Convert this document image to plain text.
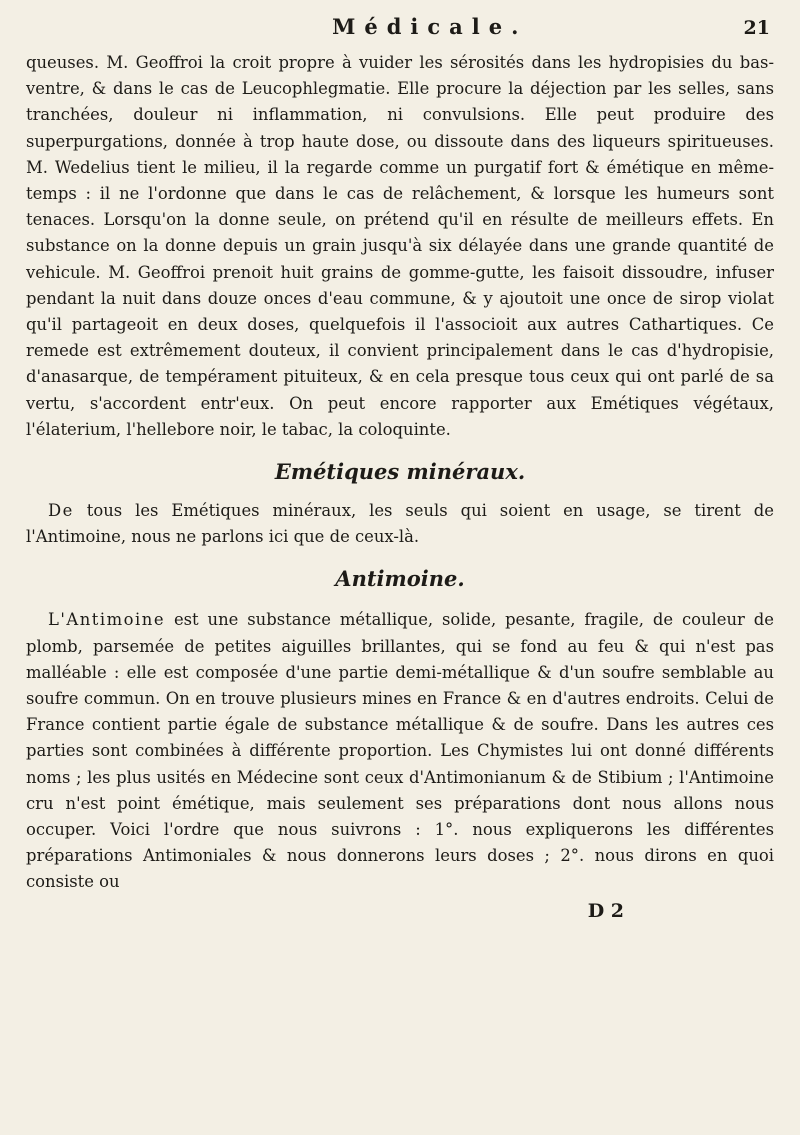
Médicale.	21

queuses. M. Geoffroi la croit propre à vuider les sérosités dans les hydropisies du bas-ventre, & dans le cas de Leucophlegmatie. Elle procure la déjection par les selles, sans tranchées, douleur ni inflammation, ni convulsions. Elle peut produire des superpurgations, donnée à trop haute dose, ou dissoute dans des liqueurs spiritueuses. M. Wedelius tient le milieu, il la regarde comme un purgatif fort & émétique en même-temps : il ne l'ordonne que dans le cas de relâchement, & lorsque les humeurs sont tenaces. Lorsqu'on la donne seule, on prétend qu'il en résulte de meilleurs effets. En substance on la donne depuis un grain jusqu'à six délayée dans une grande quantité de vehicule. M. Geoffroi prenoit huit grains de gomme-gutte, les faisoit dissoudre, infuser pendant la nuit dans douze onces d'eau commune, & y ajoutoit une once de sirop violat qu'il partageoit en deux doses, quelquefois il l'associoit aux autres Cathartiques. Ce remede est extrêmement douteux, il convient principalement dans le cas d'hydropisie, d'anasarque, de tempérament pituiteux, & en cela presque tous ceux qui ont parlé de sa vertu, s'accordent entr'eux. On peut encore rapporter aux Emétiques végétaux, l'élaterium, l'hellebore noir, le tabac, la coloquinte.

Emétiques minéraux.

De tous les Emétiques minéraux, les seuls qui soient en usage, se tirent de l'Antimoine, nous ne parlons ici que de ceux-là.

Antimoine.

L'Antimoine est une substance métallique, solide, pesante, fragile, de couleur de plomb, parsemée de petites aiguilles brillantes, qui se fond au feu & qui n'est pas malléable : elle est composée d'une partie demi-métallique & d'un soufre semblable au soufre commun. On en trouve plusieurs mines en France & en d'autres endroits. Celui de France contient partie égale de substance métallique & de soufre. Dans les autres ces parties sont combinées à différente proportion. Les Chymistes lui ont donné différents noms ; les plus usités en Médecine sont ceux d'Antimonianum & de Stibium ; l'Antimoine cru n'est point émétique, mais seulement ses préparations dont nous allons nous occuper. Voici l'ordre que nous suivrons : 1°. nous expliquerons les différentes préparations Antimoniales & nous donnerons leurs doses ; 2°. nous dirons en quoi consiste ou

D 2
